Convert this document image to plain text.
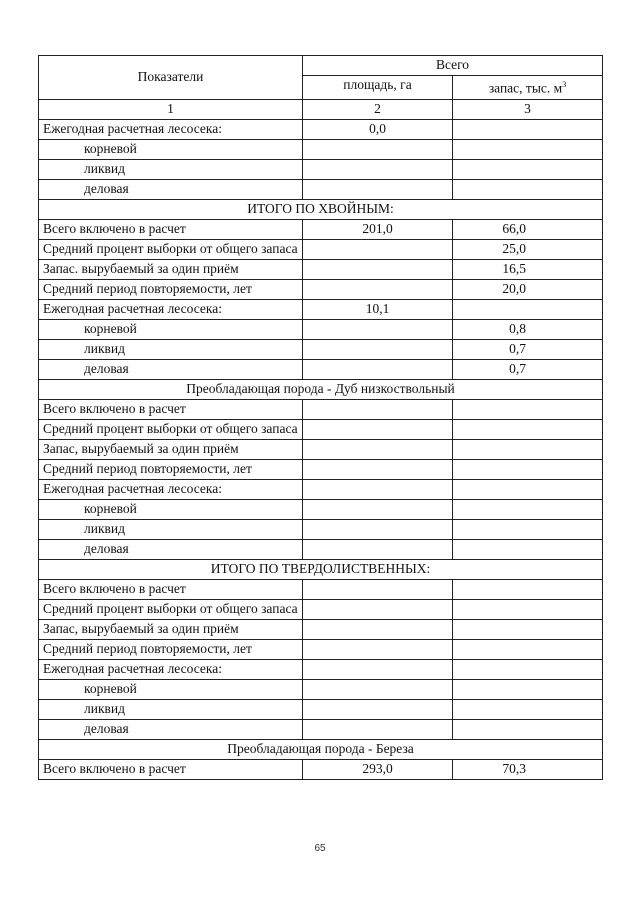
Показатели	Всего	
	площадь, га	запас, тыс. $м^3$
1	2	3
Ежегодная расчетная лесосека:	0,0	
корневой		
ликвид		
деловая		
ИТОГО ПО ХВОЙНЫМ:		
Всего включено в расчет	201,0	66,0
Средний процент выборки от общего запаса		25,0
Запас. вырубаемый за один приём		16,5
Средний период повторяемости, лет		20,0
Ежегодная расчетная лесосека:	10,1	
корневой		0,8
ликвид		0,7
деловая		0,7
Преобладающая порода - Дуб низкоствольный		
Всего включено в расчет		
Средний процент выборки от общего запаса		
Запас, вырубаемый за один приём		
Средний период повторяемости, лет		
Ежегодная расчетная лесосека:		
корневой		
ликвид		
деловая		
ИТОГО ПО ТВЕРДОЛИСТВЕННЫХ:		
Всего включено в расчет		
Средний процент выборки от общего запаса		
Запас, вырубаемый за один приём		
Средний период повторяемости, лет		
Ежегодная расчетная лесосека:		
корневой		
ликвид		
деловая		
Преобладающая порода - Береза		
Всего включено в расчет	293,0	70,3
65
